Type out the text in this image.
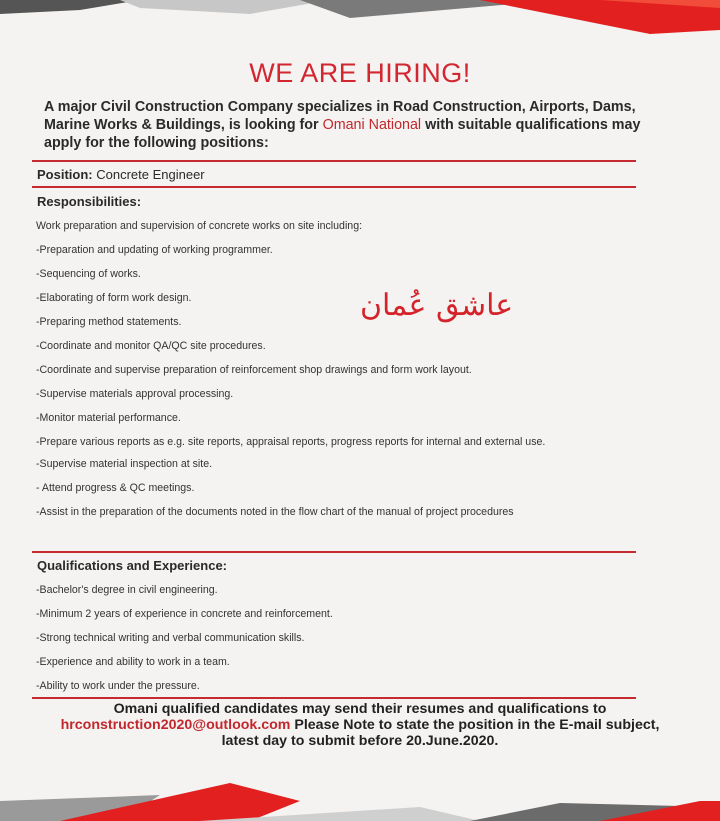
WE ARE HIRING!
A major Civil Construction Company specializes in Road Construction, Airports, Dams, Marine Works & Buildings, is looking for Omani National with suitable qualifications may apply for the following positions:
Position: Concrete Engineer
Responsibilities:
Work preparation and supervision of concrete works on site including:
-Preparation and updating of working programmer.
-Sequencing of works.
-Elaborating of form work design.
-Preparing method statements.
-Coordinate and monitor QA/QC site procedures.
-Coordinate and supervise preparation of reinforcement shop drawings and form work layout.
-Supervise materials approval processing.
-Monitor material performance.
-Prepare various reports as e.g. site reports, appraisal reports, progress reports for internal and external use.
-Supervise material inspection at site.
- Attend progress & QC meetings.
-Assist in the preparation of the documents noted in the flow chart of the manual of project procedures
Qualifications and Experience:
-Bachelor's degree in civil engineering.
-Minimum 2 years of experience in concrete and reinforcement.
-Strong technical writing and verbal communication skills.
-Experience and ability to work in a team.
-Ability to work under the pressure.
عاشق عُمان
Omani qualified candidates may send their resumes and qualifications to
hrconstruction2020@outlook.com Please Note to state the position in the E-mail subject,
latest day to submit before 20.June.2020.
